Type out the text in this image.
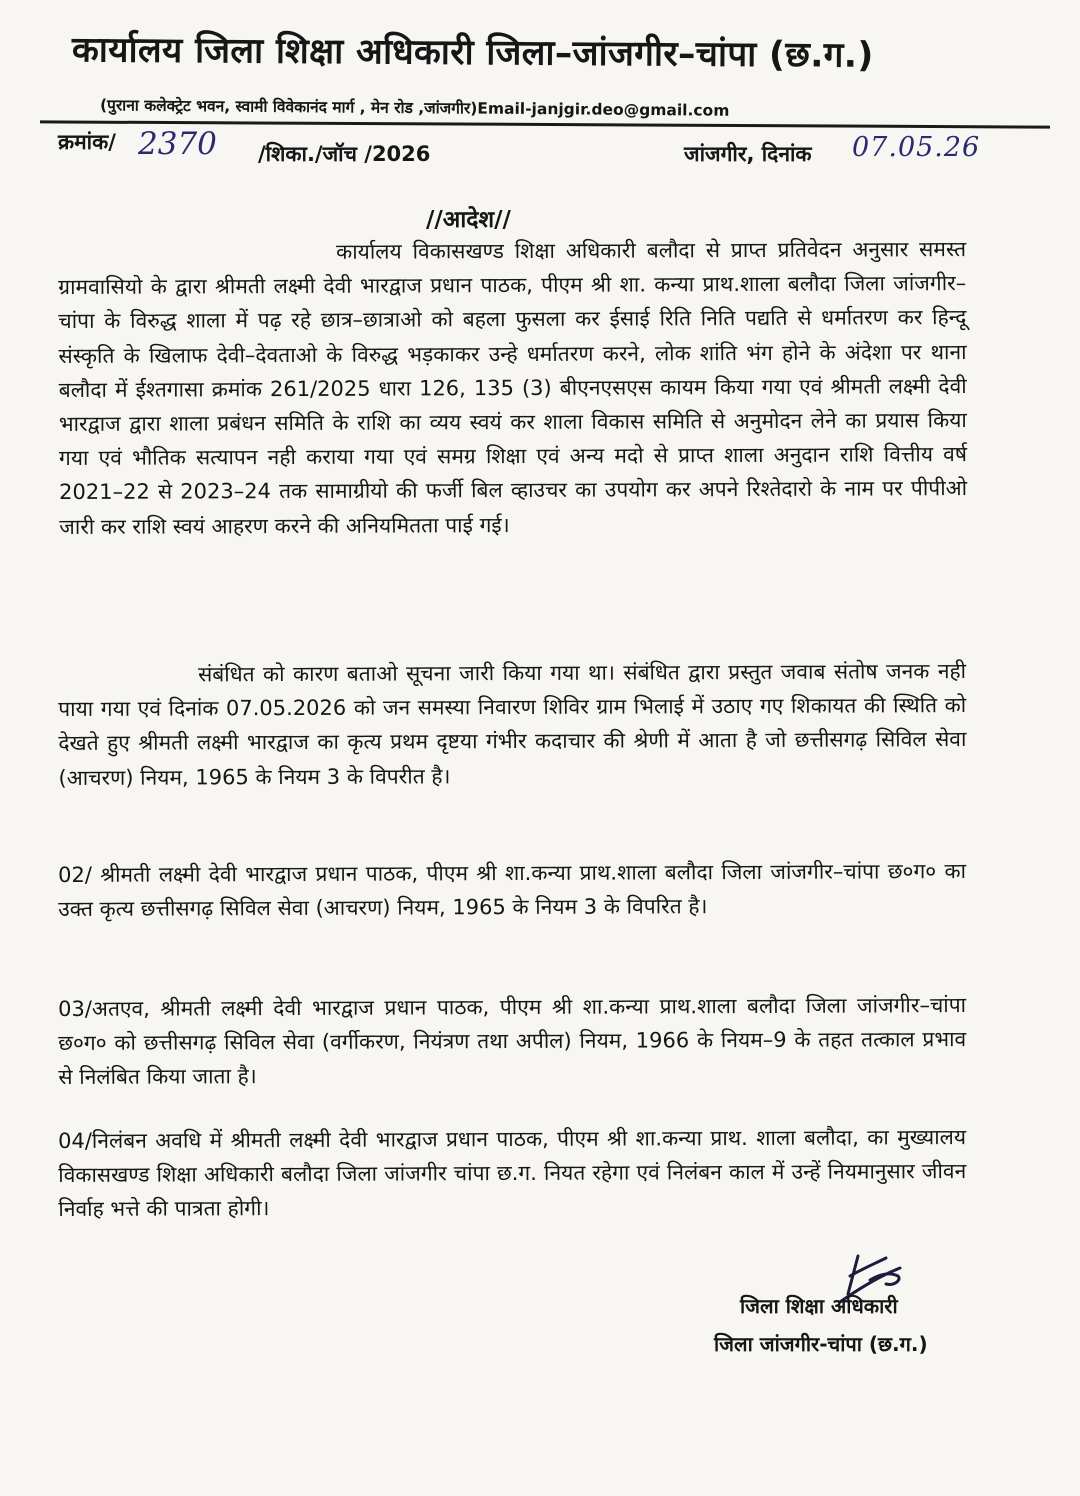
कार्यालय जिला शिक्षा अधिकारी जिला–जांजगीर–चांपा (छ.ग.)
(पुराना कलेक्ट्रेट भवन, स्वामी विवेकानंद मार्ग , मेन रोड ,जांजगीर)Email-janjgir.deo@gmail.com
क्रमांक/ 2370 /शिका./जॉच /2026	जांजगीर, दिनांक 07.05.26
//आदेश//

कार्यालय विकासखण्ड शिक्षा अधिकारी बलौदा से प्राप्त प्रतिवेदन अनुसार समस्त ग्रामवासियो के द्वारा श्रीमती लक्ष्मी देवी भारद्वाज प्रधान पाठक, पीएम श्री शा. कन्या प्राथ.शाला बलौदा जिला जांजगीर–चांपा के विरुद्ध शाला में पढ़ रहे छात्र–छात्राओ को बहला फुसला कर ईसाई रिति निति पद्यति से धर्मातरण कर हिन्दू संस्कृति के खिलाफ देवी–देवताओ के विरुद्ध भड़काकर उन्हे धर्मातरण करने, लोक शांति भंग होने के अंदेशा पर थाना बलौदा में ईश्तगासा क्रमांक 261/2025 धारा 126, 135 (3) बीएनएसएस कायम किया गया एवं श्रीमती लक्ष्मी देवी भारद्वाज द्वारा शाला प्रबंधन समिति के राशि का व्यय स्वयं कर शाला विकास समिति से अनुमोदन लेने का प्रयास किया गया एवं भौतिक सत्यापन नही कराया गया एवं समग्र शिक्षा एवं अन्य मदो से प्राप्त शाला अनुदान राशि वित्तीय वर्ष 2021–22 से 2023–24 तक सामाग्रीयो की फर्जी बिल व्हाउचर का उपयोग कर अपने रिश्तेदारो के नाम पर पीपीओ जारी कर राशि स्वयं आहरण करने की अनियमितता पाई गई।

संबंधित को कारण बताओ सूचना जारी किया गया था। संबंधित द्वारा प्रस्तुत जवाब संतोष जनक नही पाया गया एवं दिनांक 07.05.2026 को जन समस्या निवारण शिविर ग्राम भिलाई में उठाए गए शिकायत की स्थिति को देखते हुए श्रीमती लक्ष्मी भारद्वाज का कृत्य प्रथम दृष्टया गंभीर कदाचार की श्रेणी में आता है जो छत्तीसगढ़ सिविल सेवा (आचरण) नियम, 1965 के नियम 3 के विपरीत है।

02/ श्रीमती लक्ष्मी देवी भारद्वाज प्रधान पाठक, पीएम श्री शा.कन्या प्राथ.शाला बलौदा जिला जांजगीर–चांपा छ०ग० का उक्त कृत्य छत्तीसगढ़ सिविल सेवा (आचरण) नियम, 1965 के नियम 3 के विपरित है।

03/अतएव, श्रीमती लक्ष्मी देवी भारद्वाज प्रधान पाठक, पीएम श्री शा.कन्या प्राथ.शाला बलौदा जिला जांजगीर–चांपा छ०ग० को छत्तीसगढ़ सिविल सेवा (वर्गीकरण, नियंत्रण तथा अपील) नियम, 1966 के नियम–9 के तहत तत्काल प्रभाव से निलंबित किया जाता है।

04/निलंबन अवधि में श्रीमती लक्ष्मी देवी भारद्वाज प्रधान पाठक, पीएम श्री शा.कन्या प्राथ. शाला बलौदा, का मुख्यालय विकासखण्ड शिक्षा अधिकारी बलौदा जिला जांजगीर चांपा छ.ग. नियत रहेगा एवं निलंबन काल में उन्हें नियमानुसार जीवन निर्वाह भत्ते की पात्रता होगी।

जिला शिक्षा अधिकारी
जिला जांजगीर-चांपा (छ.ग.)
